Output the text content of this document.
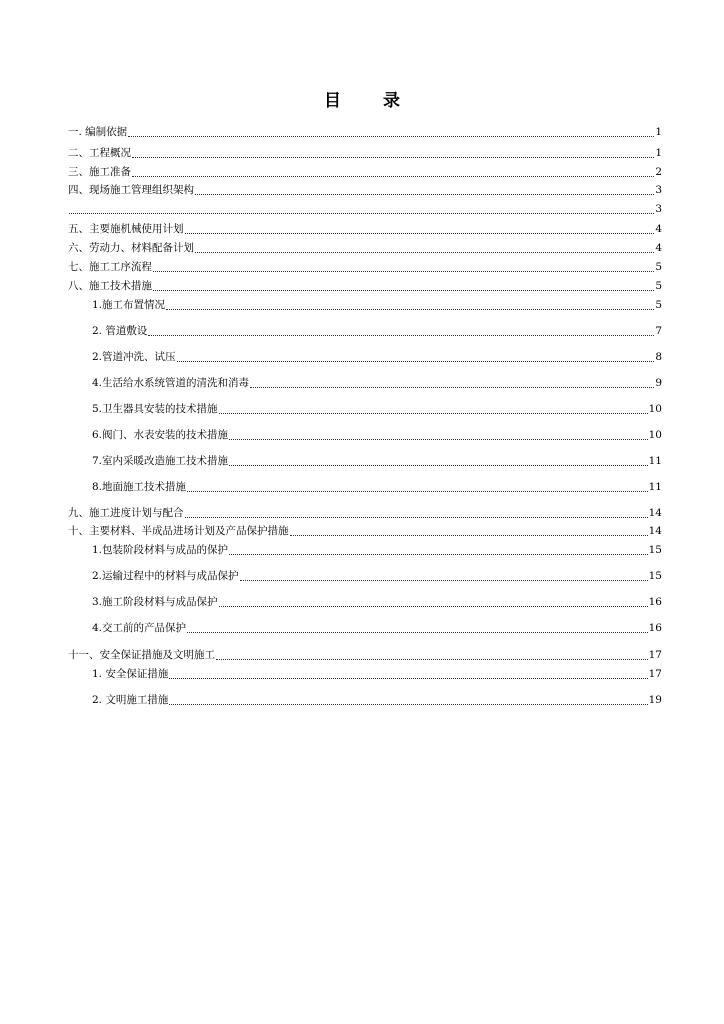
目 录
一. 编制依据	1
二、工程概况	1
三、施工准备	2
四、现场施工管理组织架构	3
3
五、主要施机械使用计划	4
六、劳动力、材料配备计划	4
七、施工工序流程	5
八、施工技术措施	5
1.施工布置情况	5
2. 管道敷设	7
2.管道冲洗、试压	8
4.生活给水系统管道的清洗和消毒	9
5.卫生器具安装的技术措施	10
6.阀门、水表安装的技术措施	10
7.室内采暖改造施工技术措施	11
8.地面施工技术措施	11
九、施工进度计划与配合	14
十、主要材料、半成品进场计划及产品保护措施	14
1.包装阶段材料与成品的保护	15
2.运输过程中的材料与成品保护	15
3.施工阶段材料与成品保护	16
4.交工前的产品保护	16
十一、安全保证措施及文明施工	17
1. 安全保证措施	17
2. 文明施工措施	19
